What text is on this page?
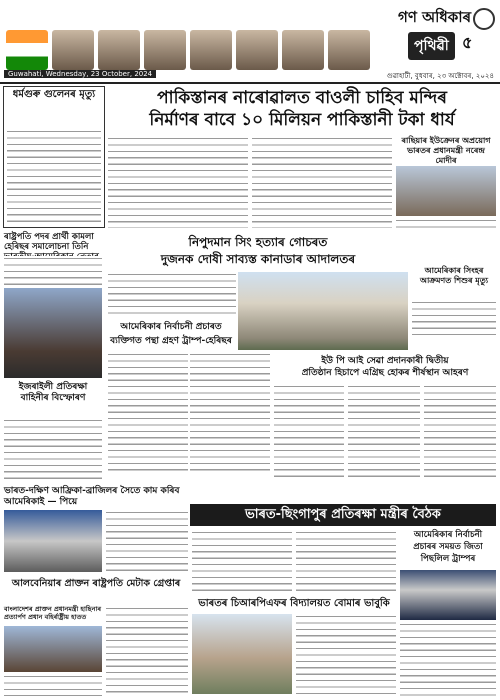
গণ অধিকাৰ
পৃথিৱী ৫
Guwahati, Wednesday, 23 October, 2024	গুৱাহাটী, বুধবাৰ, ২৩ অক্টোবৰ, ২০২৪
ধৰ্মগুৰু গুলেনৰ মৃত্যু
ৰাষ্ট্ৰপতি পদৰ প্ৰাৰ্থী কামলা হেৰিছৰ সমালোচনা তিনি
ইজৰাইলী প্ৰতিৰক্ষা বাহিনীৰ বিস্ফোৰণ
ভাৰত-দক্ষিণ আফ্ৰিকা-ব্ৰাজিলৰ সৈতে কাম কৰিব আমেৰিকাই — পিয়ে
আলবেনিয়াৰ প্ৰাক্তন ৰাষ্ট্ৰপতি মেটাক গ্ৰেপ্তাৰ
বাংলাদেশৰ প্ৰাক্তন প্ৰধানমন্ত্ৰী হাছিনাৰ প্ৰত্যাৰ্পণ প্ৰধান বহিৰ্ৰাষ্ট্ৰীয় হাতত
পাকিস্তানৰ নাৰোৱালত বাওলী চাহিব মন্দিৰ
নিৰ্মাণৰ বাবে ১০ মিলিয়ন পাকিস্তানী টকা ধাৰ্য
ৰাছিয়াৰ ইউক্ৰেনৰ অপ্ৰয়োগ ভাৰতৰ প্ৰধানমন্ত্ৰী নৰেন্দ্ৰ মোদীৰ
নিপুদমান সিং হত্যাৰ গোচৰত
দুজনক দোষী সাব্যস্ত কানাডাৰ আদালতৰ
আমেৰিকাৰ সিংহৰ আক্ৰমণত শিশুৰ মৃত্যু
আমেৰিকাৰ নিৰ্বাচনী প্ৰচাৰত
ব্যক্তিগত পন্থা গ্ৰহণ ট্ৰাম্প-হেৰিছৰ
ইউ পি আই সেৱা প্ৰদানকাৰী দ্বিতীয়
প্ৰতিষ্ঠান হিচাপে এগ্ৰিছ হোকৰ শীৰ্ষস্থান আহৰণ
ভাৰত-ছিংগাপুৰ প্ৰতিৰক্ষা মন্ত্ৰীৰ বৈঠক
আমেৰিকাৰ নিৰ্বাচনী
প্ৰচাৰৰ সময়ত জিতা
পিছলিল ট্ৰাম্পৰ
ভাৰতৰ চিআৰপিএফৰ বিদ্যালয়ত বোমাৰ ভাবুকি
